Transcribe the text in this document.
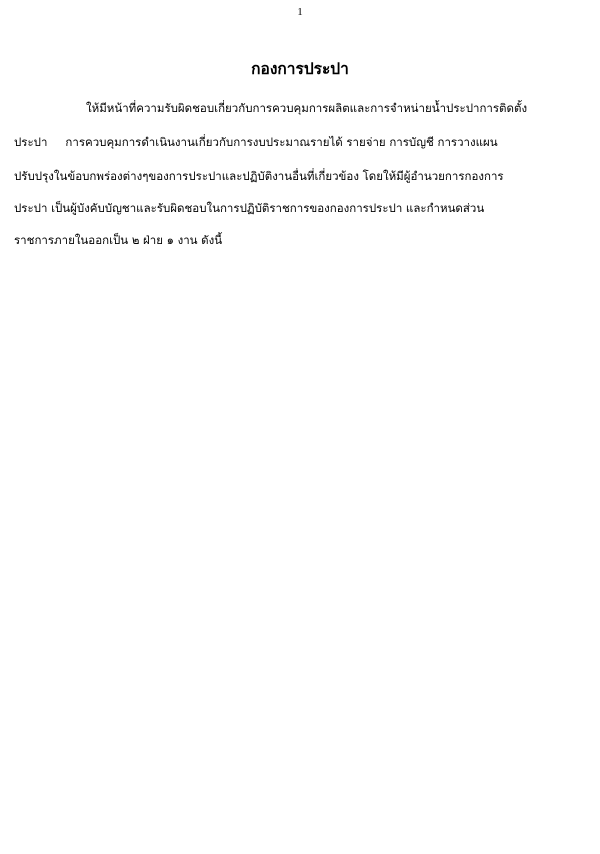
1
กองการประปา
ให้มีหน้าที่ความรับผิดชอบเกี่ยวกับการควบคุมการผลิตและการจำหน่ายน้ำประปาการติดตั้ง
ประปา การควบคุมการดำเนินงานเกี่ยวกับการงบประมาณรายได้ รายจ่าย การบัญชี การวางแผน
ปรับปรุงในข้อบกพร่องต่างๆของการประปาและปฏิบัติงานอื่นที่เกี่ยวข้อง โดยให้มีผู้อำนวยการกองการ
ประปา เป็นผู้บังคับบัญชาและรับผิดชอบในการปฏิบัติราชการของกองการประปา และกำหนดส่วน
ราชการภายในออกเป็น ๒ ฝ่าย ๑ งาน ดังนี้
